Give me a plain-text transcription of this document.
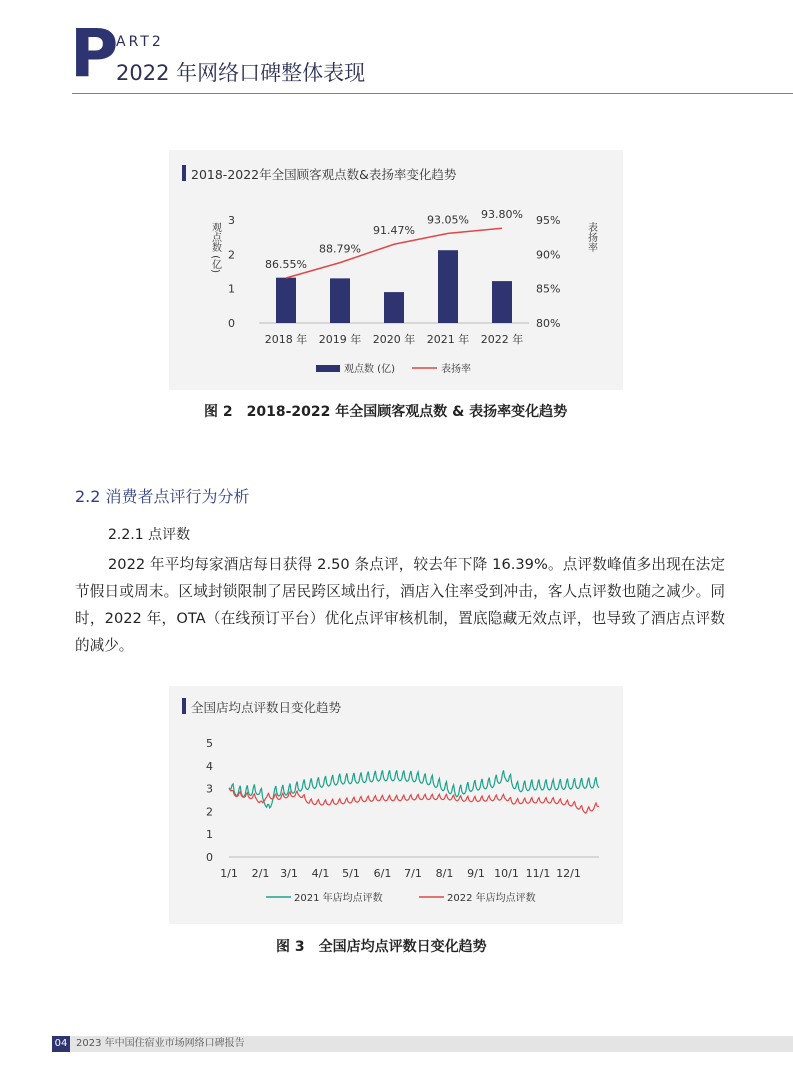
P
ART2
2022 年网络口碑整体表现
2018-2022年全国顾客观点数&表扬率变化趋势
0
1
2
3
80%
85%
90%
95%
观点数 (亿)	表扬率
2018 年 2019 年 2020 年 2021 年 2022 年
86.55%
88.79%
91.47%
93.05% 93.80%
观点数 (亿)	表扬率
图 2　2018-2022 年全国顾客观点数 & 表扬率变化趋势
2.2 消费者点评行为分析
2.2.1 点评数
2022 年平均每家酒店每日获得 2.50 条点评，较去年下降 16.39%。点评数峰值多出现在法定节假日或周末。区域封锁限制了居民跨区域出行，酒店入住率受到冲击，客人点评数也随之减少。同时，2022 年，OTA（在线预订平台）优化点评审核机制，置底隐藏无效点评，也导致了酒店点评数的减少。
全国店均点评数日变化趋势
0
1
2
3
4
5
1/1 2/1 3/1 4/1 5/1 6/1 7/1 8/1 9/1 10/1 11/1 12/1
2021 年店均点评数	2022 年店均点评数
图 3　全国店均点评数日变化趋势
04 2023 年中国住宿业市场网络口碑报告
